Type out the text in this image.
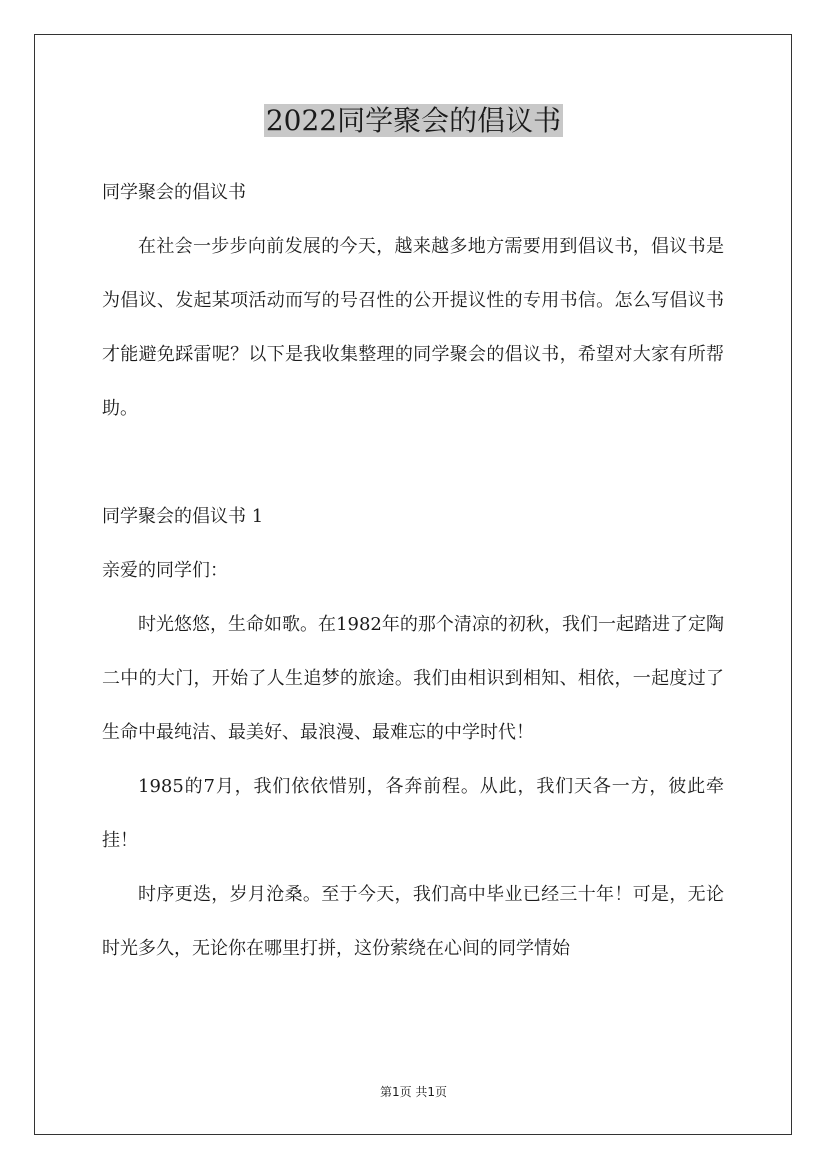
2022同学聚会的倡议书

同学聚会的倡议书

在社会一步步向前发展的今天，越来越多地方需要用到倡议书，倡议书是为倡议、发起某项活动而写的号召性的公开提议性的专用书信。怎么写倡议书才能避免踩雷呢？以下是我收集整理的同学聚会的倡议书，希望对大家有所帮助。

同学聚会的倡议书 1

亲爱的同学们：

时光悠悠，生命如歌。在1982年的那个清凉的初秋，我们一起踏进了定陶二中的大门，开始了人生追梦的旅途。我们由相识到相知、相依，一起度过了生命中最纯洁、最美好、最浪漫、最难忘的中学时代！

1985的7月，我们依依惜别，各奔前程。从此，我们天各一方，彼此牵挂！

时序更迭，岁月沧桑。至于今天，我们高中毕业已经三十年！可是，无论时光多久，无论你在哪里打拼，这份萦绕在心间的同学情始

第1页 共1页
